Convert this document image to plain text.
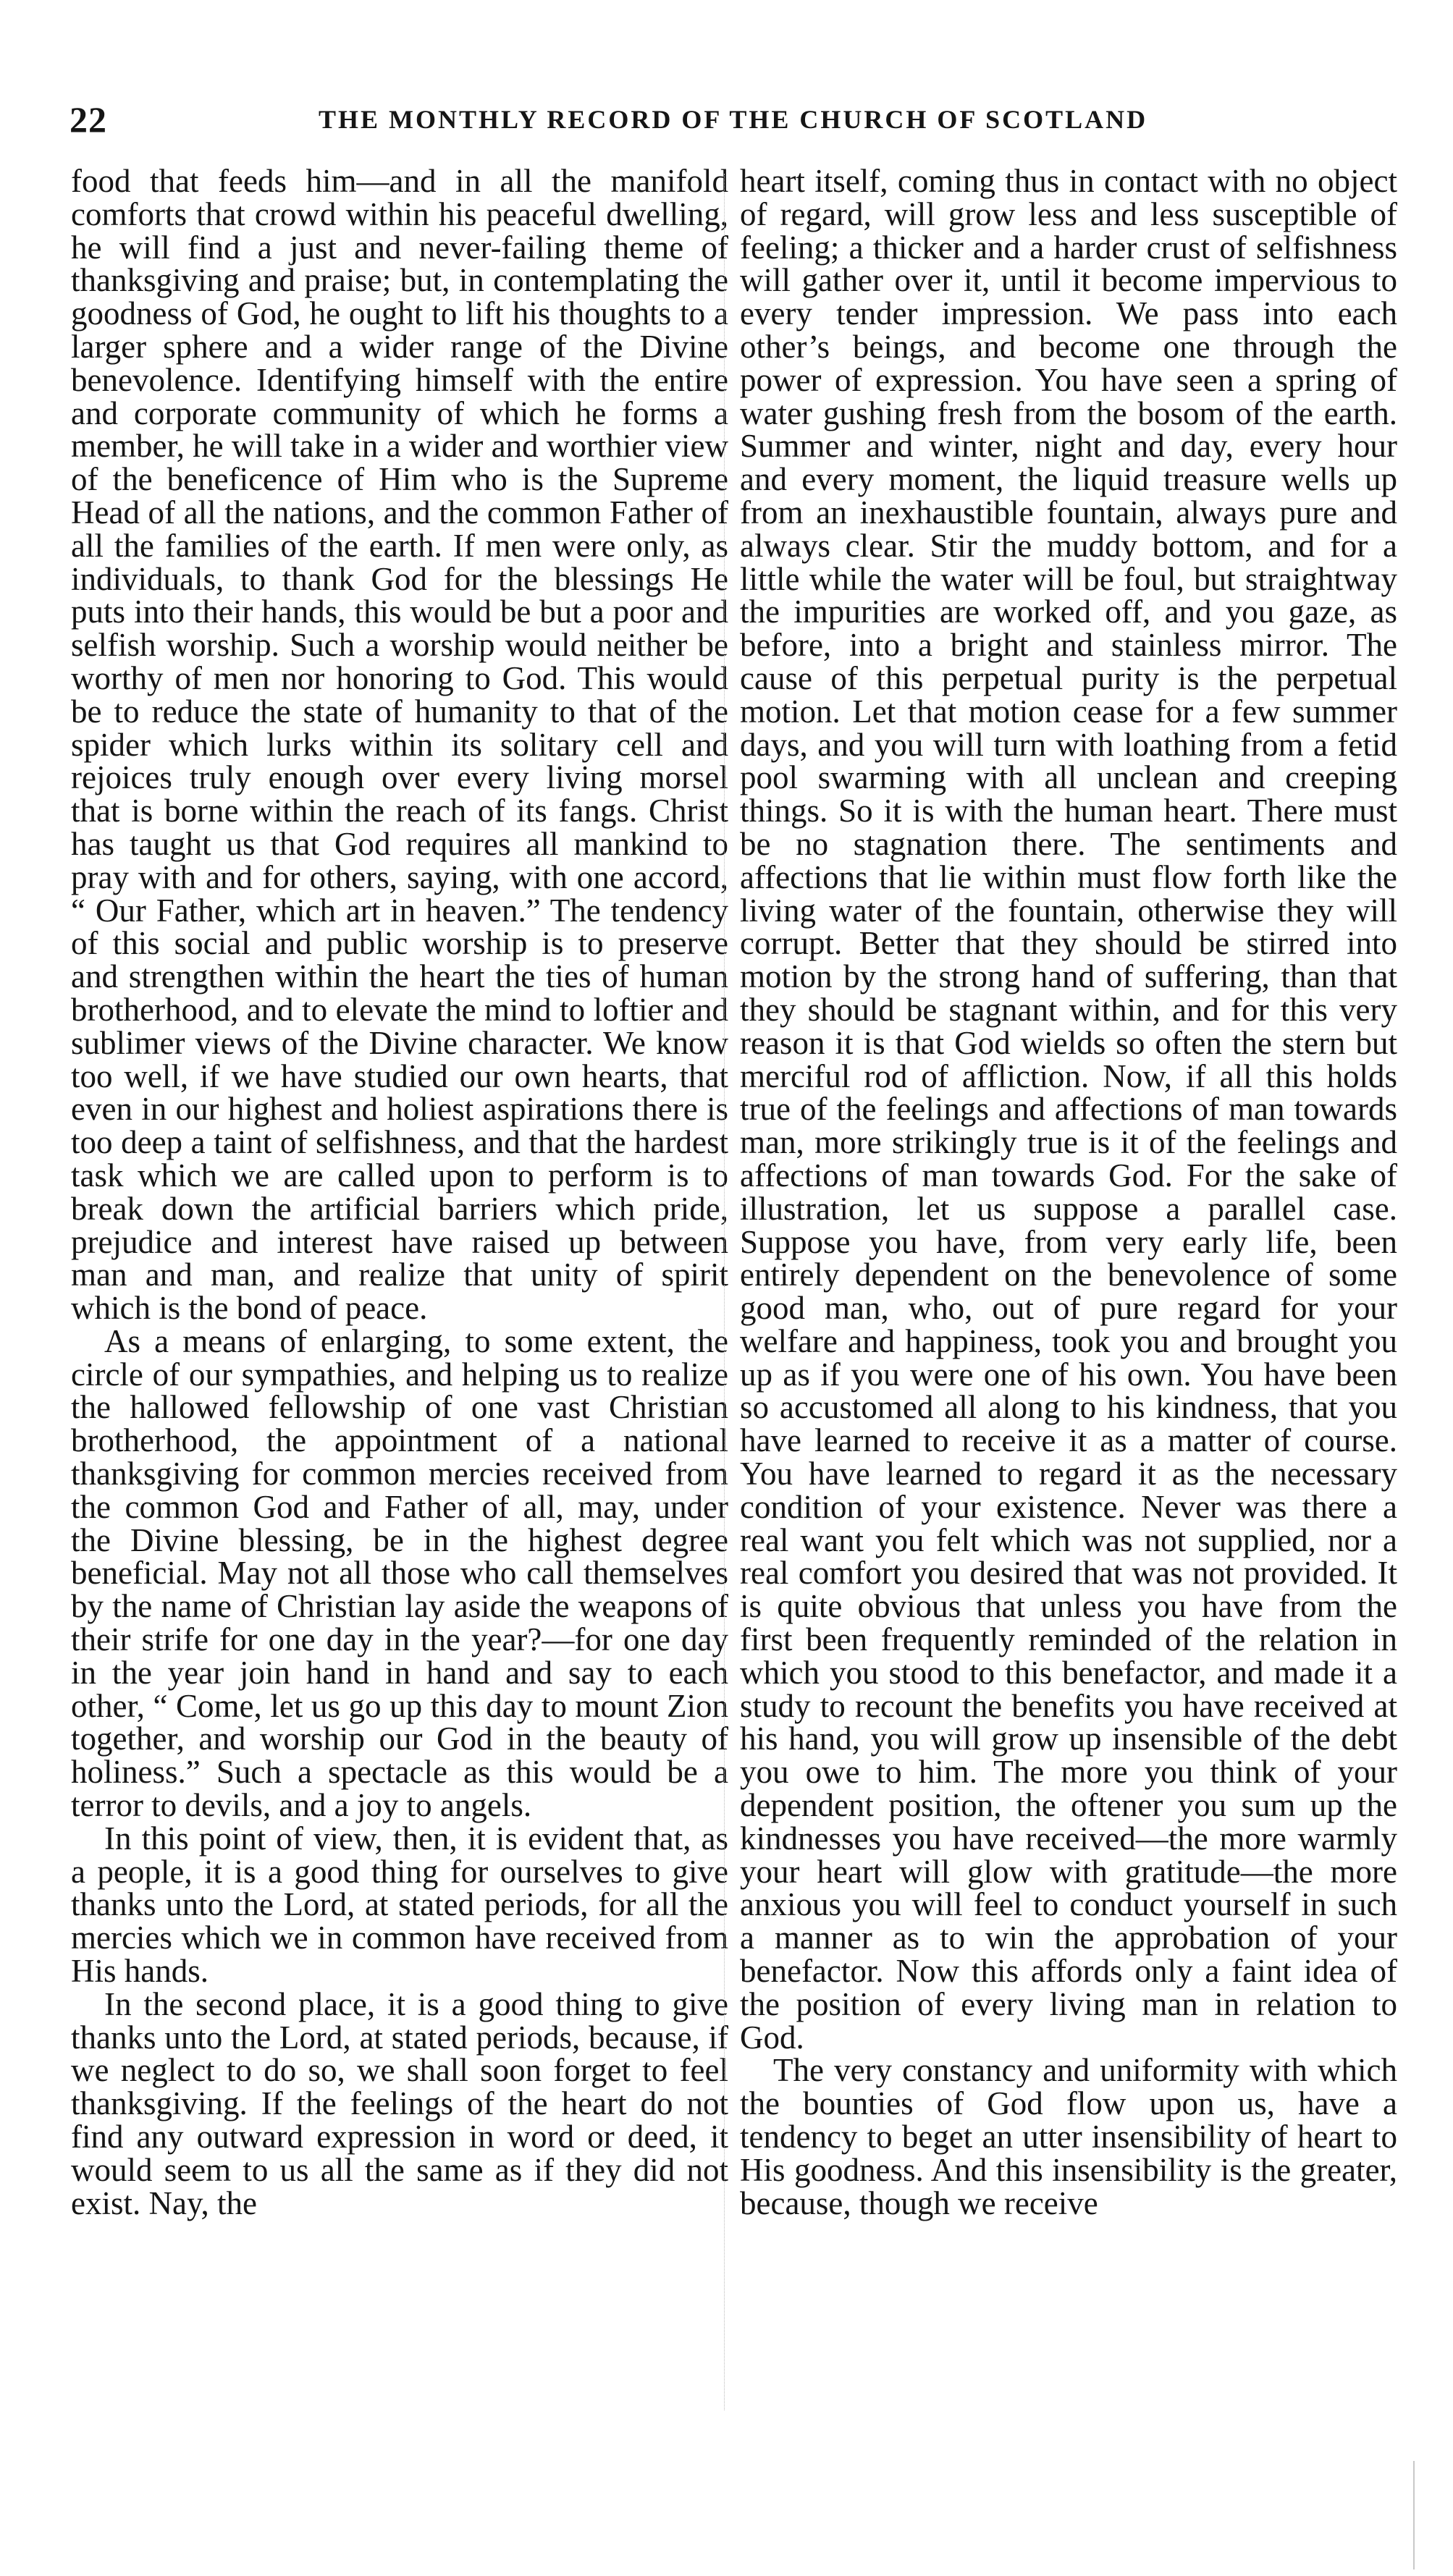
22	THE MONTHLY RECORD OF THE CHURCH OF SCOTLAND

food that feeds him—and in all the manifold comforts that crowd within his peaceful dwelling, he will find a just and never-failing theme of thanksgiving and praise; but, in contemplating the goodness of God, he ought to lift his thoughts to a larger sphere and a wider range of the Divine benevolence. Identifying himself with the entire and corporate community of which he forms a member, he will take in a wider and worthier view of the beneficence of Him who is the Supreme Head of all the nations, and the common Father of all the families of the earth. If men were only, as individuals, to thank God for the blessings He puts into their hands, this would be but a poor and selfish worship. Such a worship would neither be worthy of men nor honoring to God. This would be to reduce the state of humanity to that of the spider which lurks within its solitary cell and rejoices truly enough over every living morsel that is borne within the reach of its fangs. Christ has taught us that God requires all mankind to pray with and for others, saying, with one accord, “ Our Father, which art in heaven.” The tendency of this social and public worship is to preserve and strengthen within the heart the ties of human brotherhood, and to elevate the mind to loftier and sublimer views of the Divine character. We know too well, if we have studied our own hearts, that even in our highest and holiest aspirations there is too deep a taint of selfishness, and that the hardest task which we are called upon to perform is to break down the artificial barriers which pride, prejudice and interest have raised up between man and man, and realize that unity of spirit which is the bond of peace.

As a means of enlarging, to some extent, the circle of our sympathies, and helping us to realize the hallowed fellowship of one vast Christian brotherhood, the appointment of a national thanksgiving for common mercies received from the common God and Father of all, may, under the Divine blessing, be in the highest degree beneficial. May not all those who call themselves by the name of Christian lay aside the weapons of their strife for one day in the year?—for one day in the year join hand in hand and say to each other, “ Come, let us go up this day to mount Zion together, and worship our God in the beauty of holiness.” Such a spectacle as this would be a terror to devils, and a joy to angels.

In this point of view, then, it is evident that, as a people, it is a good thing for ourselves to give thanks unto the Lord, at stated periods, for all the mercies which we in common have received from His hands.

In the second place, it is a good thing to give thanks unto the Lord, at stated periods, because, if we neglect to do so, we shall soon forget to feel thanksgiving. If the feelings of the heart do not find any outward expression in word or deed, it would seem to us all the same as if they did not exist. Nay, the

heart itself, coming thus in contact with no object of regard, will grow less and less susceptible of feeling; a thicker and a harder crust of selfishness will gather over it, until it become impervious to every tender impression. We pass into each other’s beings, and become one through the power of expression. You have seen a spring of water gushing fresh from the bosom of the earth. Summer and winter, night and day, every hour and every moment, the liquid treasure wells up from an inexhaustible fountain, always pure and always clear. Stir the muddy bottom, and for a little while the water will be foul, but straightway the impurities are worked off, and you gaze, as before, into a bright and stainless mirror. The cause of this perpetual purity is the perpetual motion. Let that motion cease for a few summer days, and you will turn with loathing from a fetid pool swarming with all unclean and creeping things. So it is with the human heart. There must be no stagnation there. The sentiments and affections that lie within must flow forth like the living water of the fountain, otherwise they will corrupt. Better that they should be stirred into motion by the strong hand of suffering, than that they should be stagnant within, and for this very reason it is that God wields so often the stern but merciful rod of affliction. Now, if all this holds true of the feelings and affections of man towards man, more strikingly true is it of the feelings and affections of man towards God. For the sake of illustration, let us suppose a parallel case. Suppose you have, from very early life, been entirely dependent on the benevolence of some good man, who, out of pure regard for your welfare and happiness, took you and brought you up as if you were one of his own. You have been so accustomed all along to his kindness, that you have learned to receive it as a matter of course. You have learned to regard it as the necessary condition of your existence. Never was there a real want you felt which was not supplied, nor a real comfort you desired that was not provided. It is quite obvious that unless you have from the first been frequently reminded of the relation in which you stood to this benefactor, and made it a study to recount the benefits you have received at his hand, you will grow up insensible of the debt you owe to him. The more you think of your dependent position, the oftener you sum up the kindnesses you have received—the more warmly your heart will glow with gratitude—the more anxious you will feel to conduct yourself in such a manner as to win the approbation of your benefactor. Now this affords only a faint idea of the position of every living man in relation to God.

The very constancy and uniformity with which the bounties of God flow upon us, have a tendency to beget an utter insensibility of heart to His goodness. And this insensibility is the greater, because, though we receive
